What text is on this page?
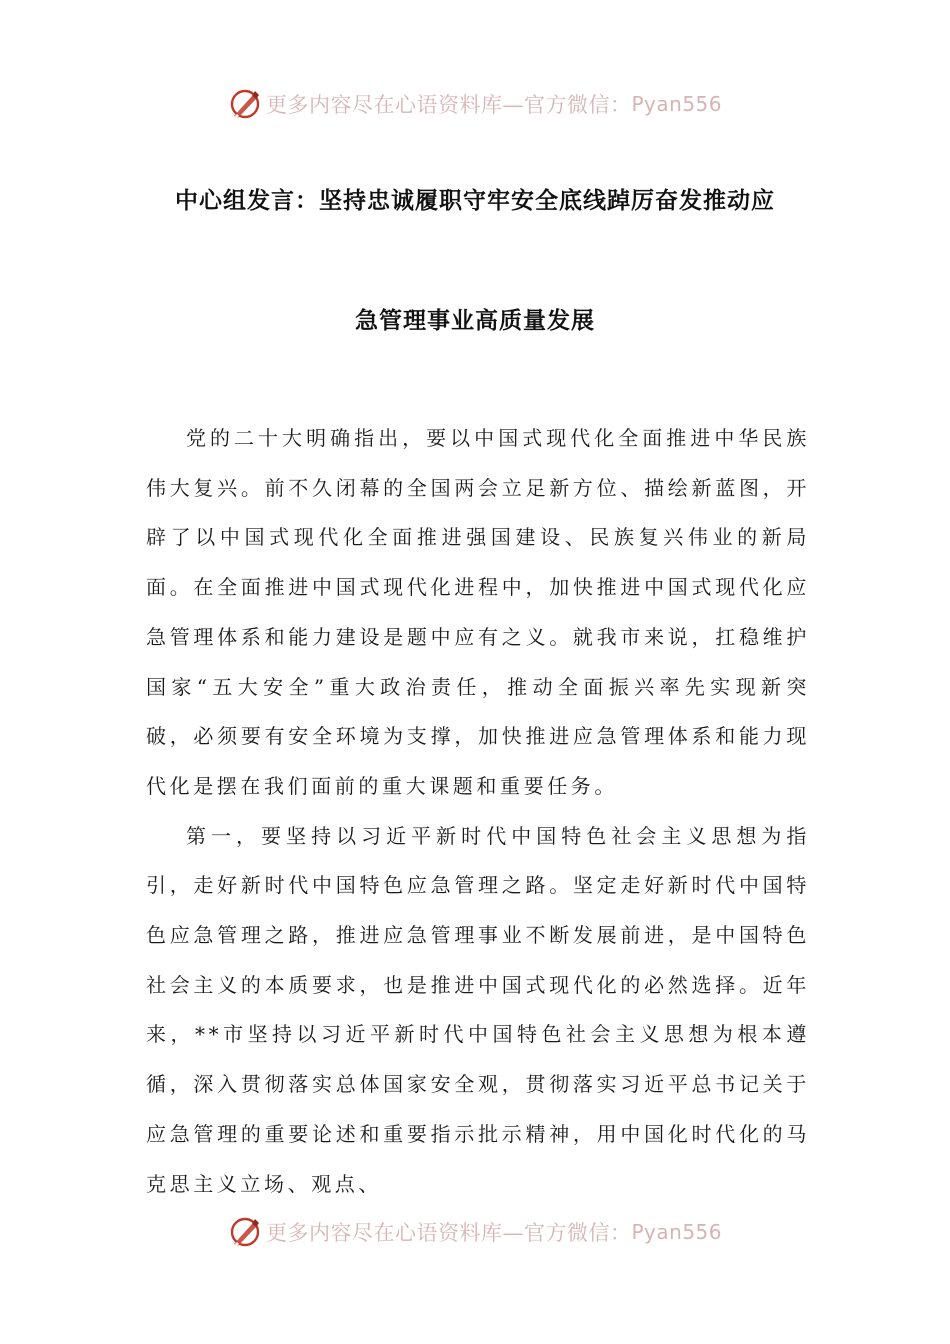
更多内容尽在心语资料库—官方微信： Pyan556
中心组发言：坚持忠诚履职守牢安全底线踔厉奋发推动应
急管理事业高质量发展

党的二十大明确指出，要以中国式现代化全面推进中华民族伟大复兴。前不久闭幕的全国两会立足新方位、描绘新蓝图，开辟了以中国式现代化全面推进强国建设、民族复兴伟业的新局面。在全面推进中国式现代化进程中，加快推进中国式现代化应急管理体系和能力建设是题中应有之义。就我市来说，扛稳维护国家“五大安全”重大政治责任，推动全面振兴率先实现新突破，必须要有安全环境为支撑，加快推进应急管理体系和能力现代化是摆在我们面前的重大课题和重要任务。

第一，要坚持以习近平新时代中国特色社会主义思想为指引，走好新时代中国特色应急管理之路。坚定走好新时代中国特色应急管理之路，推进应急管理事业不断发展前进，是中国特色社会主义的本质要求，也是推进中国式现代化的必然选择。近年来，**市坚持以习近平新时代中国特色社会主义思想为根本遵循，深入贯彻落实总体国家安全观，贯彻落实习近平总书记关于应急管理的重要论述和重要指示批示精神，用中国化时代化的马克思主义立场、观点、

更多内容尽在心语资料库—官方微信： Pyan556
